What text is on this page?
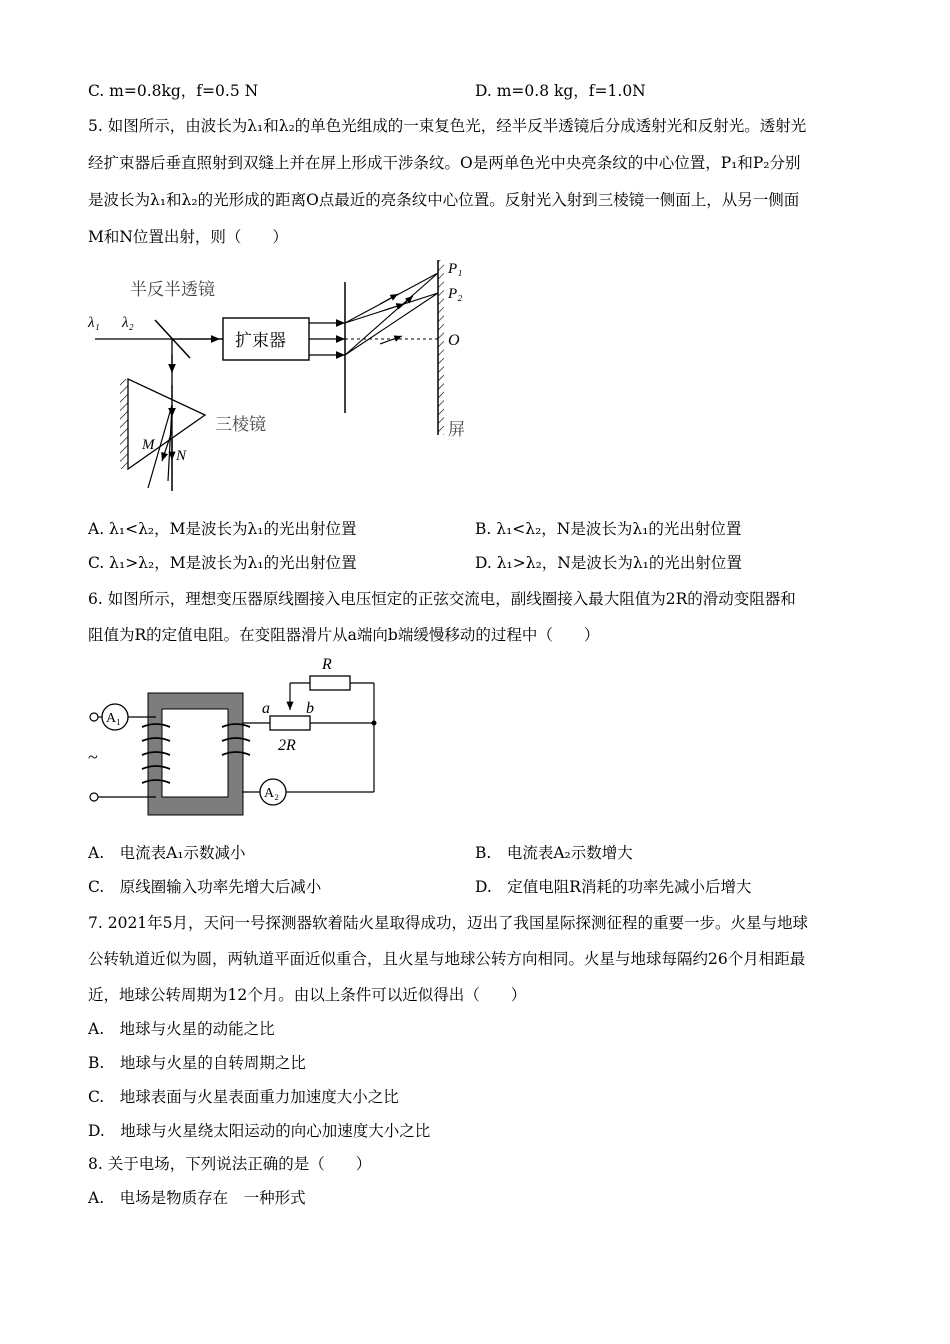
C. m=0.8kg，f=0.5 N	D. m=0.8 kg，f=1.0N
5. 如图所示，由波长为λ₁和λ₂的单色光组成的一束复色光，经半反半透镜后分成透射光和反射光。透射光
经扩束器后垂直照射到双缝上并在屏上形成干涉条纹。O是两单色光中央亮条纹的中心位置，P₁和P₂分别
是波长为λ₁和λ₂的光形成的距离O点最近的亮条纹中心位置。反射光入射到三棱镜一侧面上，从另一侧面
M和N位置出射，则（　　）
半反半透镜
λ₁ λ₂
扩束器
P₁
P₂
O
屏
三棱镜
M
N
A. λ₁<λ₂，M是波长为λ₁的光出射位置	B. λ₁<λ₂，N是波长为λ₁的光出射位置
C. λ₁>λ₂，M是波长为λ₁的光出射位置	D. λ₁>λ₂，N是波长为λ₁的光出射位置
6. 如图所示，理想变压器原线圈接入电压恒定的正弦交流电，副线圈接入最大阻值为2R的滑动变阻器和
阻值为R的定值电阻。在变阻器滑片从a端向b端缓慢移动的过程中（　　）
A₁
~
a b
2R
R
A₂
A.　电流表A₁示数减小	B.　电流表A₂示数增大
C.　原线圈输入功率先增大后减小	D.　定值电阻R消耗的功率先减小后增大
7. 2021年5月，天问一号探测器软着陆火星取得成功，迈出了我国星际探测征程的重要一步。火星与地球
公转轨道近似为圆，两轨道平面近似重合，且火星与地球公转方向相同。火星与地球每隔约26个月相距最
近，地球公转周期为12个月。由以上条件可以近似得出（　　）
A.　地球与火星的动能之比
B.　地球与火星的自转周期之比
C.　地球表面与火星表面重力加速度大小之比
D.　地球与火星绕太阳运动的向心加速度大小之比
8. 关于电场，下列说法正确的是（　　）
A.　电场是物质存在　一种形式
